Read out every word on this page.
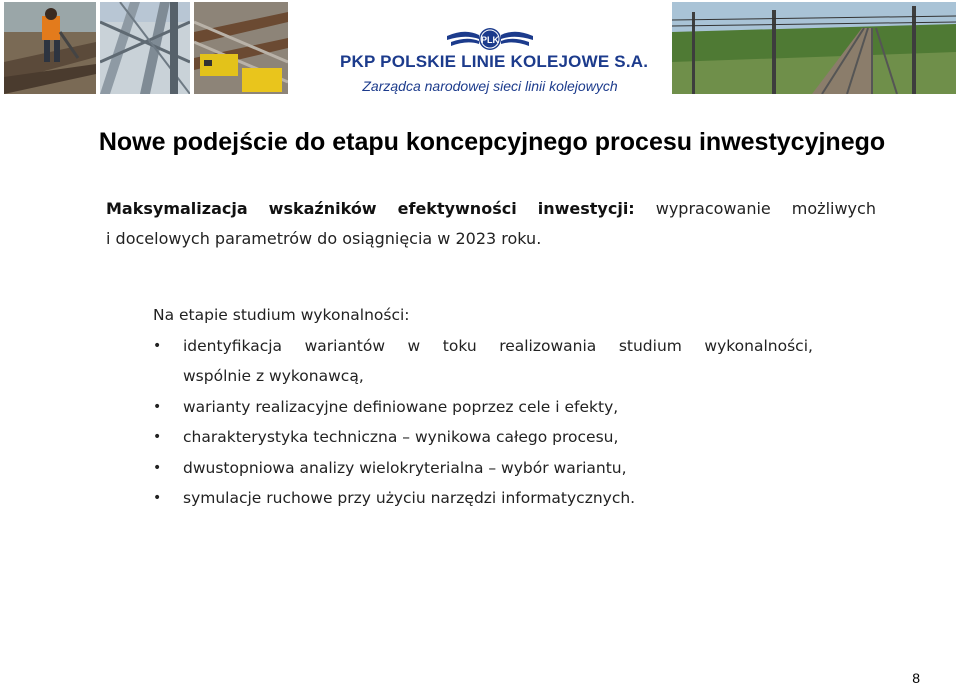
PLK
PKP POLSKIE LINIE KOLEJOWE S.A.
Zarządca narodowej sieci linii kolejowych
Nowe podejście do etapu koncepcyjnego procesu inwestycyjnego
Maksymalizacja wskaźników efektywności inwestycji: wypracowanie możliwych
i docelowych parametrów do osiągnięcia w 2023 roku.
Na etapie studium wykonalności:
• identyfikacja wariantów w toku realizowania studium wykonalności,
wspólnie z wykonawcą,
• warianty realizacyjne definiowane poprzez cele i efekty,
• charakterystyka techniczna – wynikowa całego procesu,
• dwustopniowa analizy wielokryterialna – wybór wariantu,
• symulacje ruchowe przy użyciu narzędzi informatycznych.
8
